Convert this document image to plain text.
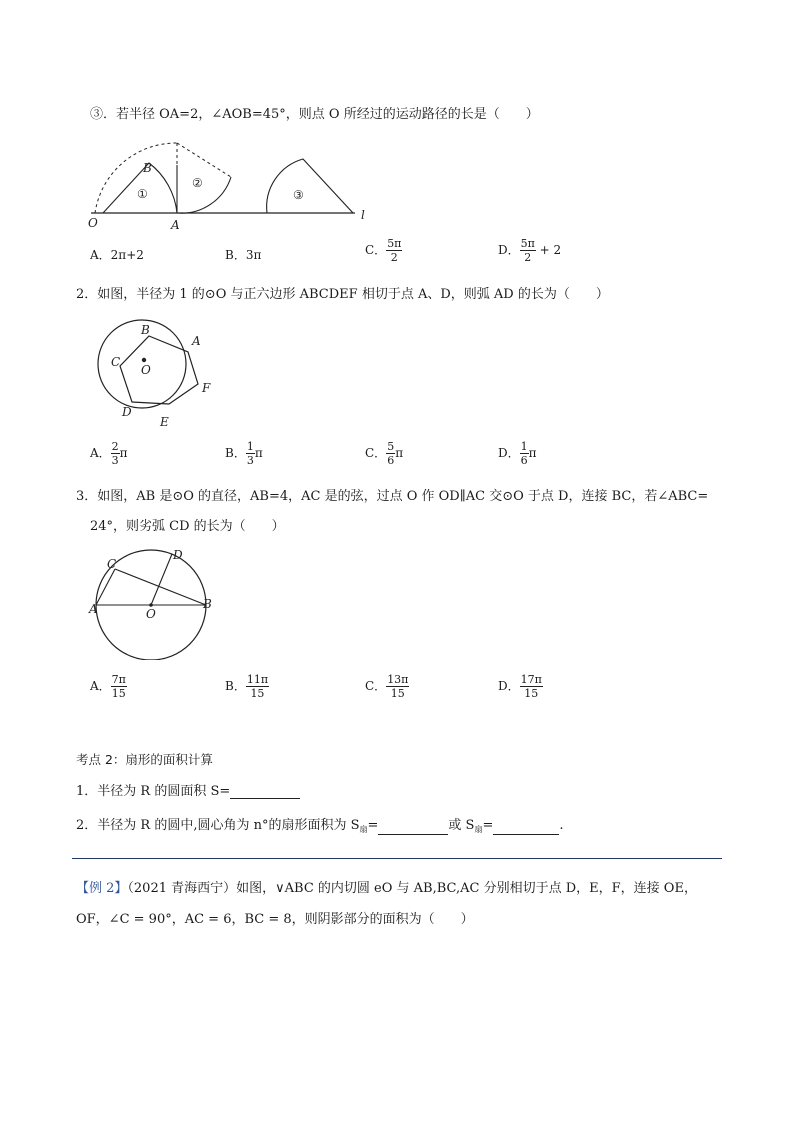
③．若半径 OA=2，∠AOB=45°，则点 O 所经过的运动路径的长是（　　）
B
O	A
l
①
②
③
A．2π+2	B．3π	C． $\frac{5\pi}{2}$	D． $\frac{5\pi}{2} + 2$
2．如图，半径为 1 的⊙O 与正六边形 ABCDEF 相切于点 A、D，则弧 AD 的长为（　　）
B
A
C
O
F
D
E
A． $\frac{2}{3}$ π	B． $\frac{1}{3}$ π	C． $\frac{5}{6}$ π	D． $\frac{1}{6}$ π
3．如图，AB 是⊙O 的直径，AB=4，AC 是的弦，过点 O 作 OD∥AC 交⊙O 于点 D，连接 BC，若∠ABC=
24°，则劣弧 CD 的长为（　　）
C
D
A	B
O
A． $\frac{7\pi}{15}$	B． $\frac{11\pi}{15}$	C． $\frac{13\pi}{15}$	D． $\frac{17\pi}{15}$
考点 2：扇形的面积计算
1．半径为 R 的圆面积 S=
2．半径为 R 的圆中,圆心角为 n°的扇形面积为 $S_扇=$	或 $S_扇=$	.
【例 2】（2021 青海西宁）如图，∨ABC 的内切圆 eO 与 AB,BC,AC 分别相切于点 D，E，F，连接 OE，
OF，∠C = 90°，AC = 6，BC = 8，则阴影部分的面积为（　　）
